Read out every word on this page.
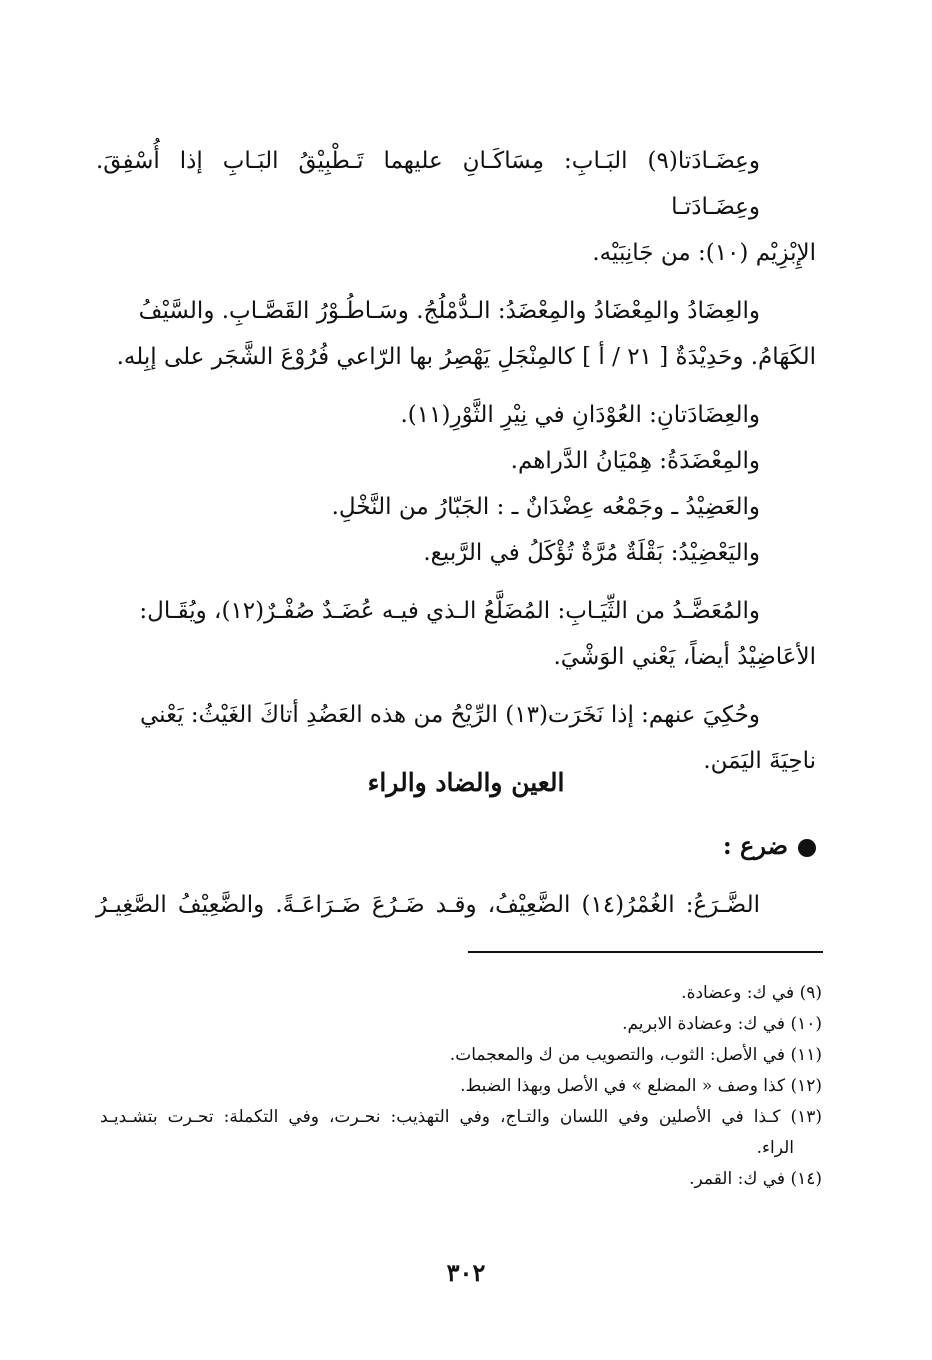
وعِضَـادَتا(٩) البَـابِ: مِسَاكَـانِ عليهما تَـطْبِيْقُ البَـابِ إذا أُسْفِقَ. وعِضَـادَتـا
الإِبْزِيْم (١٠): من جَانِبَيْه.

والعِضَادُ والمِعْضَادُ والمِعْضَدُ: الـدُّمْلُجُ. وسَـاطُـوْرُ القَصَّـابِ. والسَّيْفُ
الكَهَامُ. وحَدِيْدَةٌ [ ٢١ / أ ] كالمِنْجَلِ يَهْصِرُ بها الرّاعي فُرُوْعَ الشَّجَر على إبِله.

والعِضَادَتانِ: العُوْدَانِ في نِيْرِ الثَّوْرِ(١١).
والمِعْضَدَةُ: هِمْيَانُ الدَّراهم.
والعَضِيْدُ ـ وجَمْعُه عِضْدَانٌ ـ : الجَبّارُ من النَّخْلِ.
واليَعْضِيْدُ: بَقْلَةٌ مُرَّةٌ تُؤْكَلُ في الرَّبيع.

والمُعَضَّـدُ من الثِّيَـابِ: المُضَلَّعُ الـذي فيـه عُضَـدٌ صُفْـرٌ(١٢)، ويُقَـال:
الأعَاضِيْدُ أيضاً، يَعْني الوَشْيَ.

وحُكِيَ عنهم: إذا نَخَرَت(١٣) الرِّيْحُ من هذه العَضُدِ أتاكَ الغَيْثُ: يَعْني
ناحِيَةَ اليَمَن.

العين والضاد والراء
ضرع :
الضَّـرَعُ: الغُمْرُ(١٤) الضَّعِيْفُ، وقـد ضَـرُعَ ضَـرَاعَـةً. والضَّعِيْفُ الصَّغِيـرُ

(٩) في ك: وعضادة.

(١٠) في ك: وعضادة الابريم.

(١١) في الأصل: الثوب، والتصويب من ك والمعجمات.

(١٢) كذا وصف « المضلع » في الأصل وبهذا الضبط.

(١٣) كـذا في الأصلين وفي اللسان والتـاج، وفي التهذيب: نحـرت، وفي التكملة: تحـرت بتشـديـد

الراء.

(١٤) في ك: القمر.

٣٠٢
